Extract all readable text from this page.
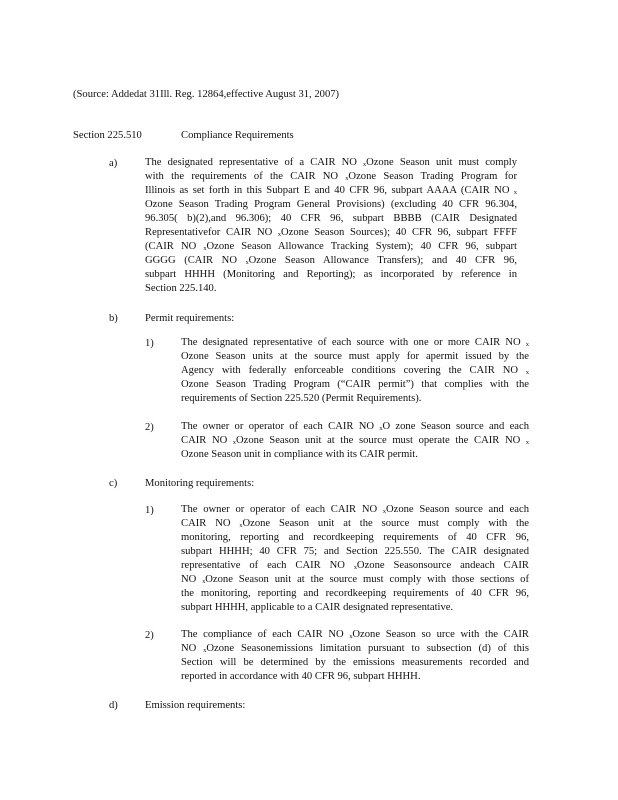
(Source: Addedat 31Ill. Reg. 12864,effective August 31, 2007)
Section 225.510	Compliance Requirements
a)	The designated representative of a CAIR NO ₓOzone Season unit must comply
with the requirements of the CAIR NO ₓOzone Season Trading Program for
Illinois as set forth in this Subpart E and 40 CFR 96, subpart AAAA (CAIR NO ₓ
Ozone Season Trading Program General Provisions) (excluding 40 CFR 96.304,
96.305( b)(2),and 96.306); 40 CFR 96, subpart BBBB (CAIR Designated
Representativefor CAIR NO ₓOzone Season Sources); 40 CFR 96, subpart FFFF
(CAIR NO ₓOzone Season Allowance Tracking System); 40 CFR 96, subpart
GGGG (CAIR NO ₓOzone Season Allowance Transfers); and 40 CFR 96,
subpart HHHH (Monitoring and Reporting); as incorporated by reference in
Section 225.140.
b)	Permit requirements:
1)	The designated representative of each source with one or more CAIR NO ₓ
Ozone Season units at the source must apply for apermit issued by the
Agency with federally enforceable conditions covering the CAIR NO ₓ
Ozone Season Trading Program (“CAIR permit”) that complies with the
requirements of Section 225.520 (Permit Requirements).
2)	The owner or operator of each CAIR NO ₓO zone Season source and each
CAIR NO ₓOzone Season unit at the source must operate the CAIR NO ₓ
Ozone Season unit in compliance with its CAIR permit.
c)	Monitoring requirements:
1)	The owner or operator of each CAIR NO ₓOzone Season source and each
CAIR NO ₓOzone Season unit at the source must comply with the
monitoring, reporting and recordkeeping requirements of 40 CFR 96,
subpart HHHH; 40 CFR 75; and Section 225.550. The CAIR designated
representative of each CAIR NO ₓOzone Seasonsource andeach CAIR
NO ₓOzone Season unit at the source must comply with those sections of
the monitoring, reporting and recordkeeping requirements of 40 CFR 96,
subpart HHHH, applicable to a CAIR designated representative.
2)	The compliance of each CAIR NO ₓOzone Season so urce with the CAIR
NO ₓOzone Seasonemissions limitation pursuant to subsection (d) of this
Section will be determined by the emissions measurements recorded and
reported in accordance with 40 CFR 96, subpart HHHH.
d)	Emission requirements:
